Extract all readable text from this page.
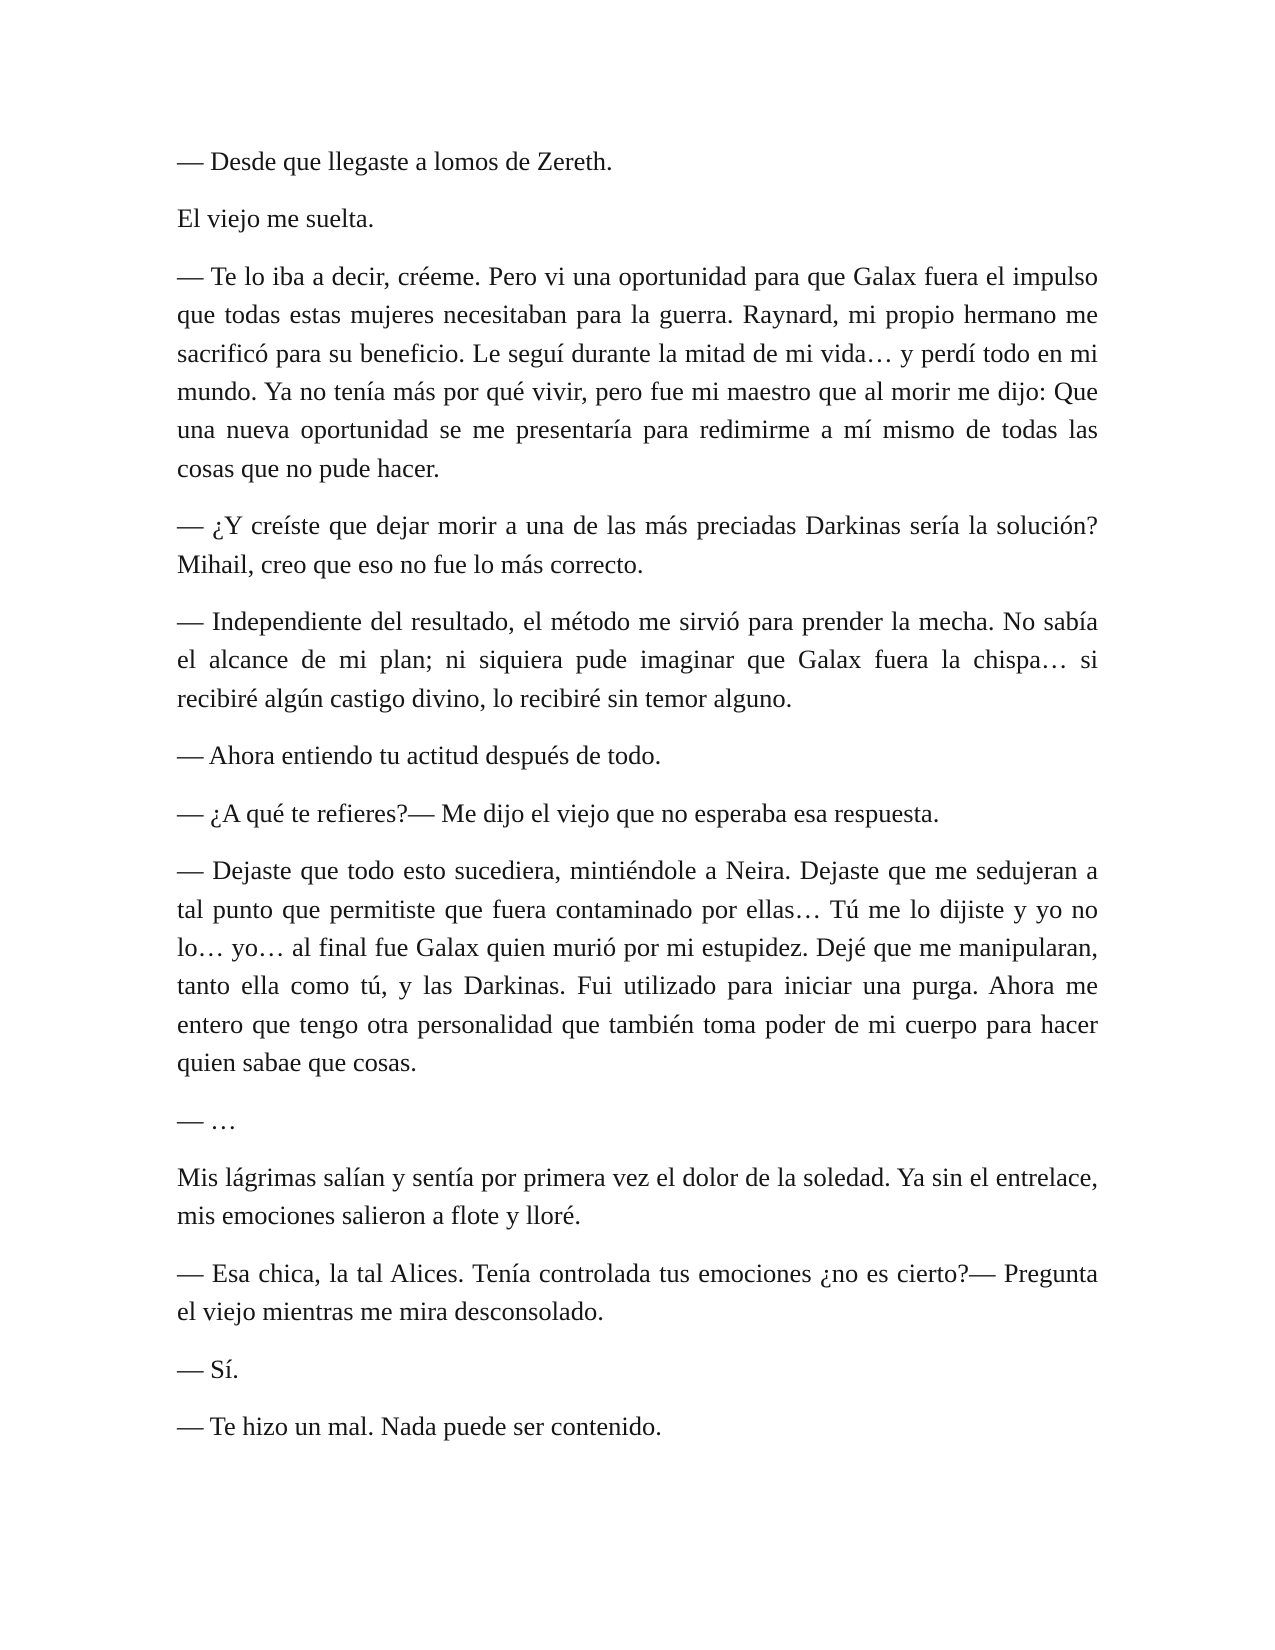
— Desde que llegaste a lomos de Zereth.

El viejo me suelta.

— Te lo iba a decir, créeme. Pero vi una oportunidad para que Galax fuera el impulso que todas estas mujeres necesitaban para la guerra. Raynard, mi propio hermano me sacrificó para su beneficio. Le seguí durante la mitad de mi vida… y perdí todo en mi mundo. Ya no tenía más por qué vivir, pero fue mi maestro que al morir me dijo: Que una nueva oportunidad se me presentaría para redimirme a mí mismo de todas las cosas que no pude hacer.

— ¿Y creíste que dejar morir a una de las más preciadas Darkinas sería la solución? Mihail, creo que eso no fue lo más correcto.

— Independiente del resultado, el método me sirvió para prender la mecha. No sabía el alcance de mi plan; ni siquiera pude imaginar que Galax fuera la chispa… si recibiré algún castigo divino, lo recibiré sin temor alguno.

— Ahora entiendo tu actitud después de todo.

— ¿A qué te refieres?— Me dijo el viejo que no esperaba esa respuesta.

— Dejaste que todo esto sucediera, mintiéndole a Neira. Dejaste que me sedujeran a tal punto que permitiste que fuera contaminado por ellas… Tú me lo dijiste y yo no lo… yo… al final fue Galax quien murió por mi estupidez. Dejé que me manipularan, tanto ella como tú, y las Darkinas. Fui utilizado para iniciar una purga. Ahora me entero que tengo otra personalidad que también toma poder de mi cuerpo para hacer quien sabae que cosas.

— …

Mis lágrimas salían y sentía por primera vez el dolor de la soledad. Ya sin el entrelace, mis emociones salieron a flote y lloré.

— Esa chica, la tal Alices. Tenía controlada tus emociones ¿no es cierto?— Pregunta el viejo mientras me mira desconsolado.

— Sí.

— Te hizo un mal. Nada puede ser contenido.
